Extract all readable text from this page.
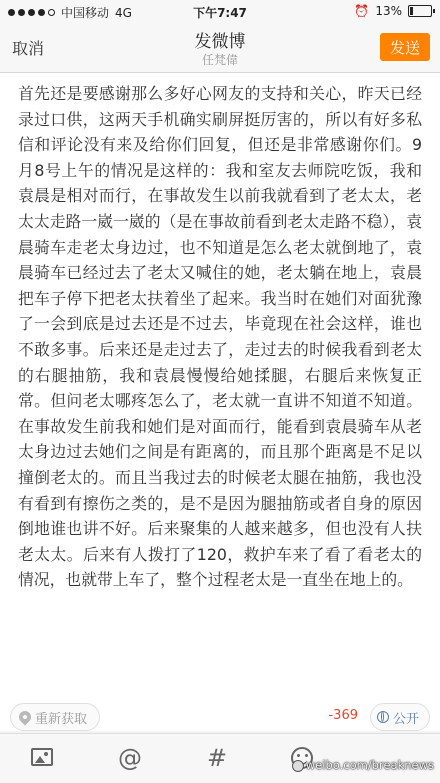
中国移动 4G	下午7:47	⏰ 13%
取消	发微博
任梵偉
发送

首先还是要感谢那么多好心网友的支持和关心，昨天已经录过口供，这两天手机确实刷屏挺厉害的，所以有好多私信和评论没有来及给你们回复，但还是非常感谢你们。9月8号上午的情况是这样的：我和室友去师院吃饭，我和袁晨是相对而行，在事故发生以前我就看到了老太太，老太太走路一崴一崴的（是在事故前看到老太走路不稳），袁晨骑车走老太身边过，也不知道是怎么老太就倒地了，袁晨骑车已经过去了老太又喊住的她，老太躺在地上，袁晨把车子停下把老太扶着坐了起来。我当时在她们对面犹豫了一会到底是过去还是不过去，毕竟现在社会这样，谁也不敢多事。后来还是走过去了，走过去的时候我看到老太的右腿抽筋，我和袁晨慢慢给她揉腿，右腿后来恢复正常。但问老太哪疼怎么了，老太就一直讲不知道不知道。在事故发生前我和她们是对面而行，能看到袁晨骑车从老太身边过去她们之间是有距离的，而且那个距离是不足以撞倒老太的。而且当我过去的时候老太腿在抽筋，我也没有看到有擦伤之类的，是不是因为腿抽筋或者自身的原因倒地谁也讲不好。后来聚集的人越来越多，但也没有人扶老太太。后来有人拨打了120，救护车来了看了看老太的情况，也就带上车了，整个过程老太是一直坐在地上的。

重新获取	-369	公开
@	#	weibo.com/breaknews
